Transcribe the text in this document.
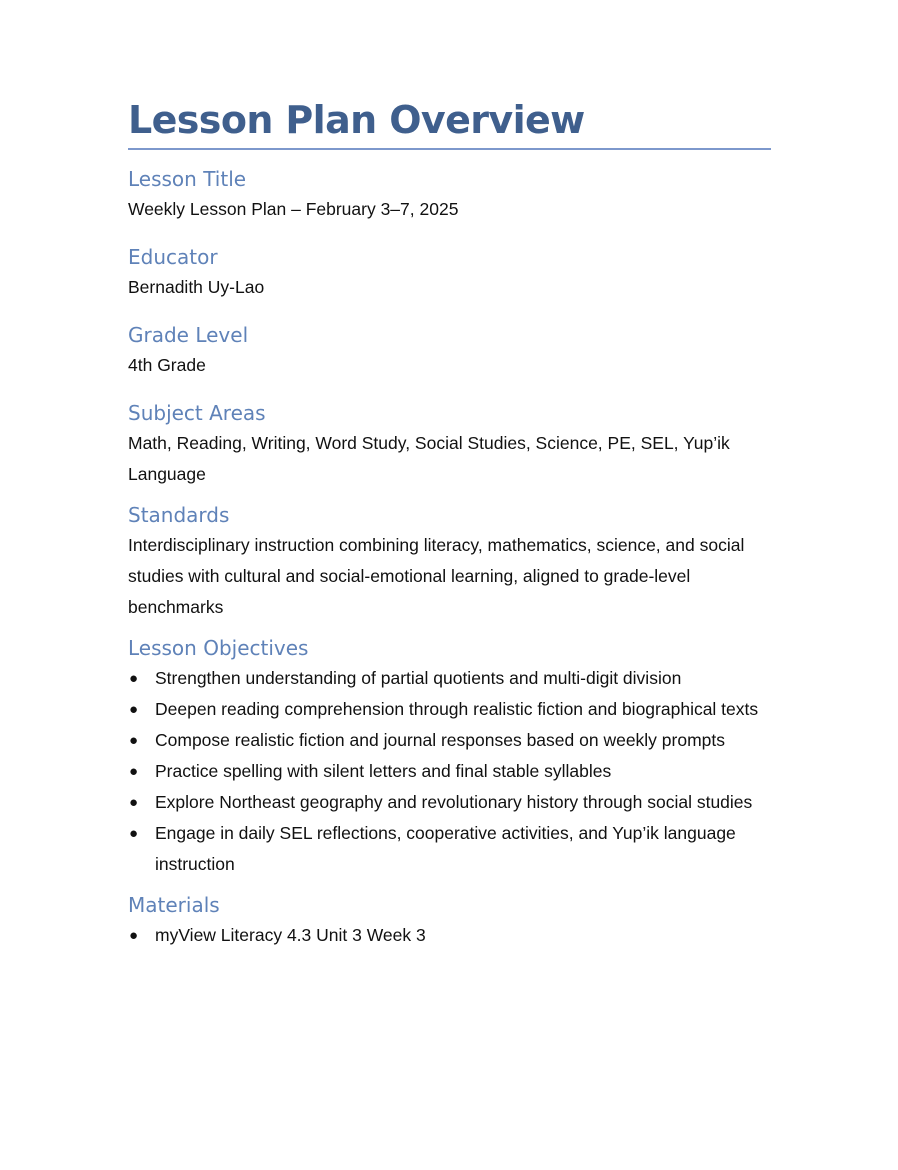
Lesson Plan Overview
Lesson Title

Weekly Lesson Plan – February 3–7, 2025

Educator

Bernadith Uy-Lao

Grade Level

4th Grade

Subject Areas

Math, Reading, Writing, Word Study, Social Studies, Science, PE, SEL, Yup’ik Language

Standards

Interdisciplinary instruction combining literacy, mathematics, science, and social studies with cultural and social-emotional learning, aligned to grade-level benchmarks

Lesson Objectives
● Strengthen understanding of partial quotients and multi-digit division
● Deepen reading comprehension through realistic fiction and biographical texts
● Compose realistic fiction and journal responses based on weekly prompts
● Practice spelling with silent letters and final stable syllables
● Explore Northeast geography and revolutionary history through social studies
● Engage in daily SEL reflections, cooperative activities, and Yup’ik language instruction
Materials
● myView Literacy 4.3 Unit 3 Week 3
